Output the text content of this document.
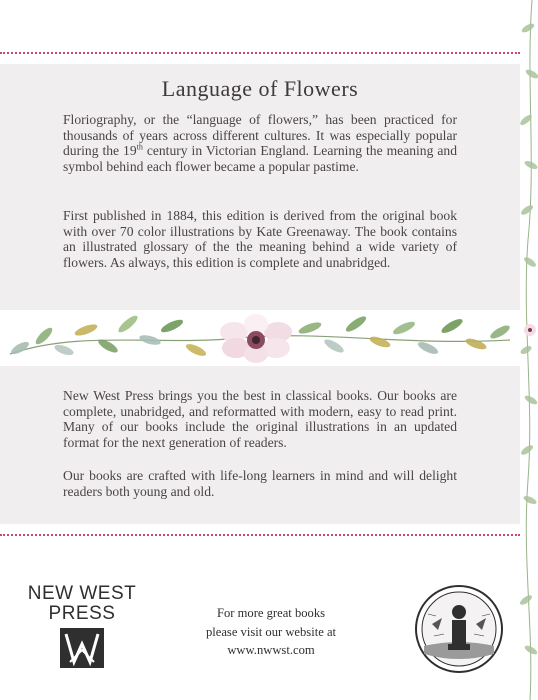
Language of Flowers

Floriography, or the “language of flowers,” has been practiced for thousands of years across different cultures. It was especially popular during the 19th century in Victorian England. Learning the meaning and symbol behind each flower became a popular pastime.

First published in 1884, this edition is derived from the original book with over 70 color illustrations by Kate Greenaway. The book contains an illustrated glossary of the the meaning behind a wide variety of flowers. As always, this edition is complete and unabridged.

New West Press brings you the best in classical books. Our books are complete, unabridged, and reformatted with modern, easy to read print. Many of our books include the original illustrations in an updated format for the next generation of readers.

Our books are crafted with life-long learners in mind and will delight readers both young and old.

NEW WEST
PRESS	For more great books
please visit our website at
www.nwwst.com
